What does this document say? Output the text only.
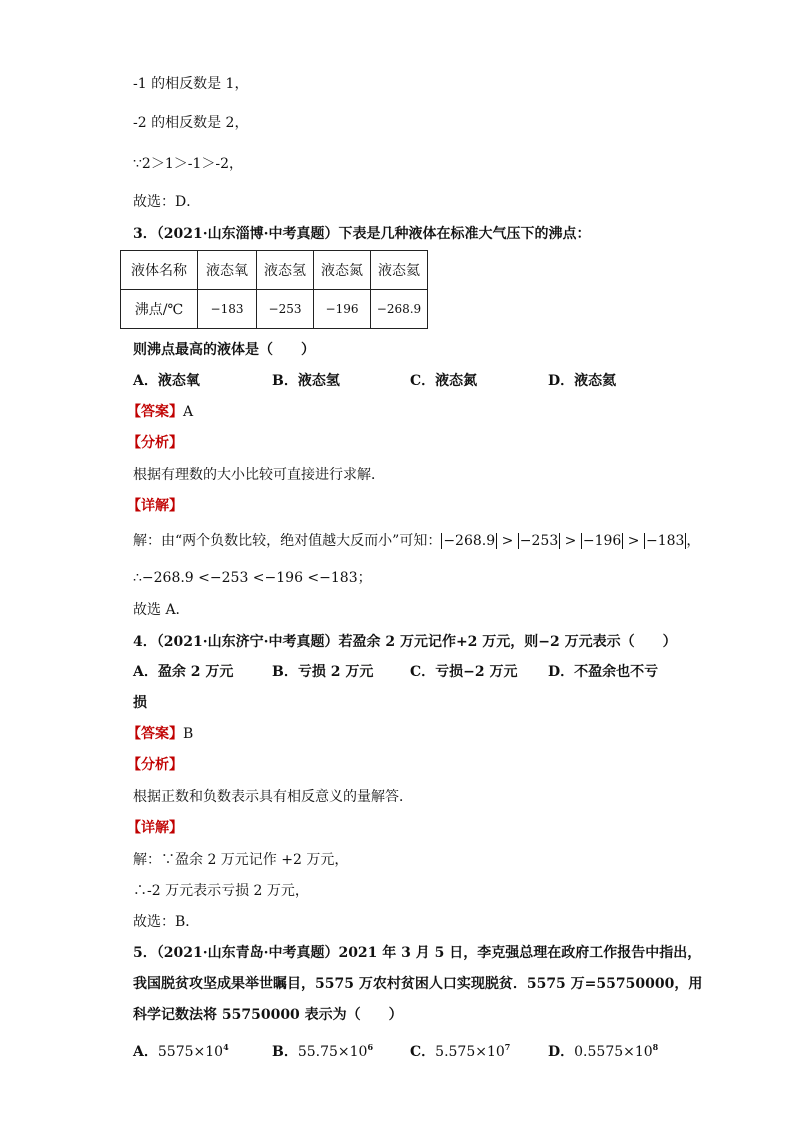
-1 的相反数是 1，
-2 的相反数是 2，
∵2＞1＞-1＞-2，
故选：D．
3．（2021·山东淄博·中考真题）下表是几种液体在标准大气压下的沸点：
液体名称	液态氧	液态氢	液态氮	液态氦
沸点/℃	−183	−253	−196	−268.9
则沸点最高的液体是（　　）
A．液态氧	B．液态氢	C．液态氮	D．液态氦
【答案】A
【分析】
根据有理数的大小比较可直接进行求解．
【详解】
解：由“两个负数比较，绝对值越大反而小”可知： −268.9 > −253 > −196 > −183 ，
∴−268.9 <−253 <−196 <−183；
故选 A．
4．（2021·山东济宁·中考真题）若盈余 2 万元记作+2 万元，则−2 万元表示（　　）
A．盈余 2 万元	B．亏损 2 万元	C．亏损−2 万元 D．不盈余也不亏
损
【答案】B
【分析】
根据正数和负数表示具有相反意义的量解答．
【详解】
解：∵盈余 2 万元记作 +2 万元，
∴-2 万元表示亏损 2 万元，
故选：B．
5．（2021·山东青岛·中考真题）2021 年 3 月 5 日，李克强总理在政府工作报告中指出，
我国脱贫攻坚成果举世瞩目，5575 万农村贫困人口实现脱贫．5575 万=55750000，用
科学记数法将 55750000 表示为（　　）
A．$5575\times 10^4$	B．$55.75\times 10^6$	C．$5.575\times 10^7$	D．$0.5575\times 10^8$
